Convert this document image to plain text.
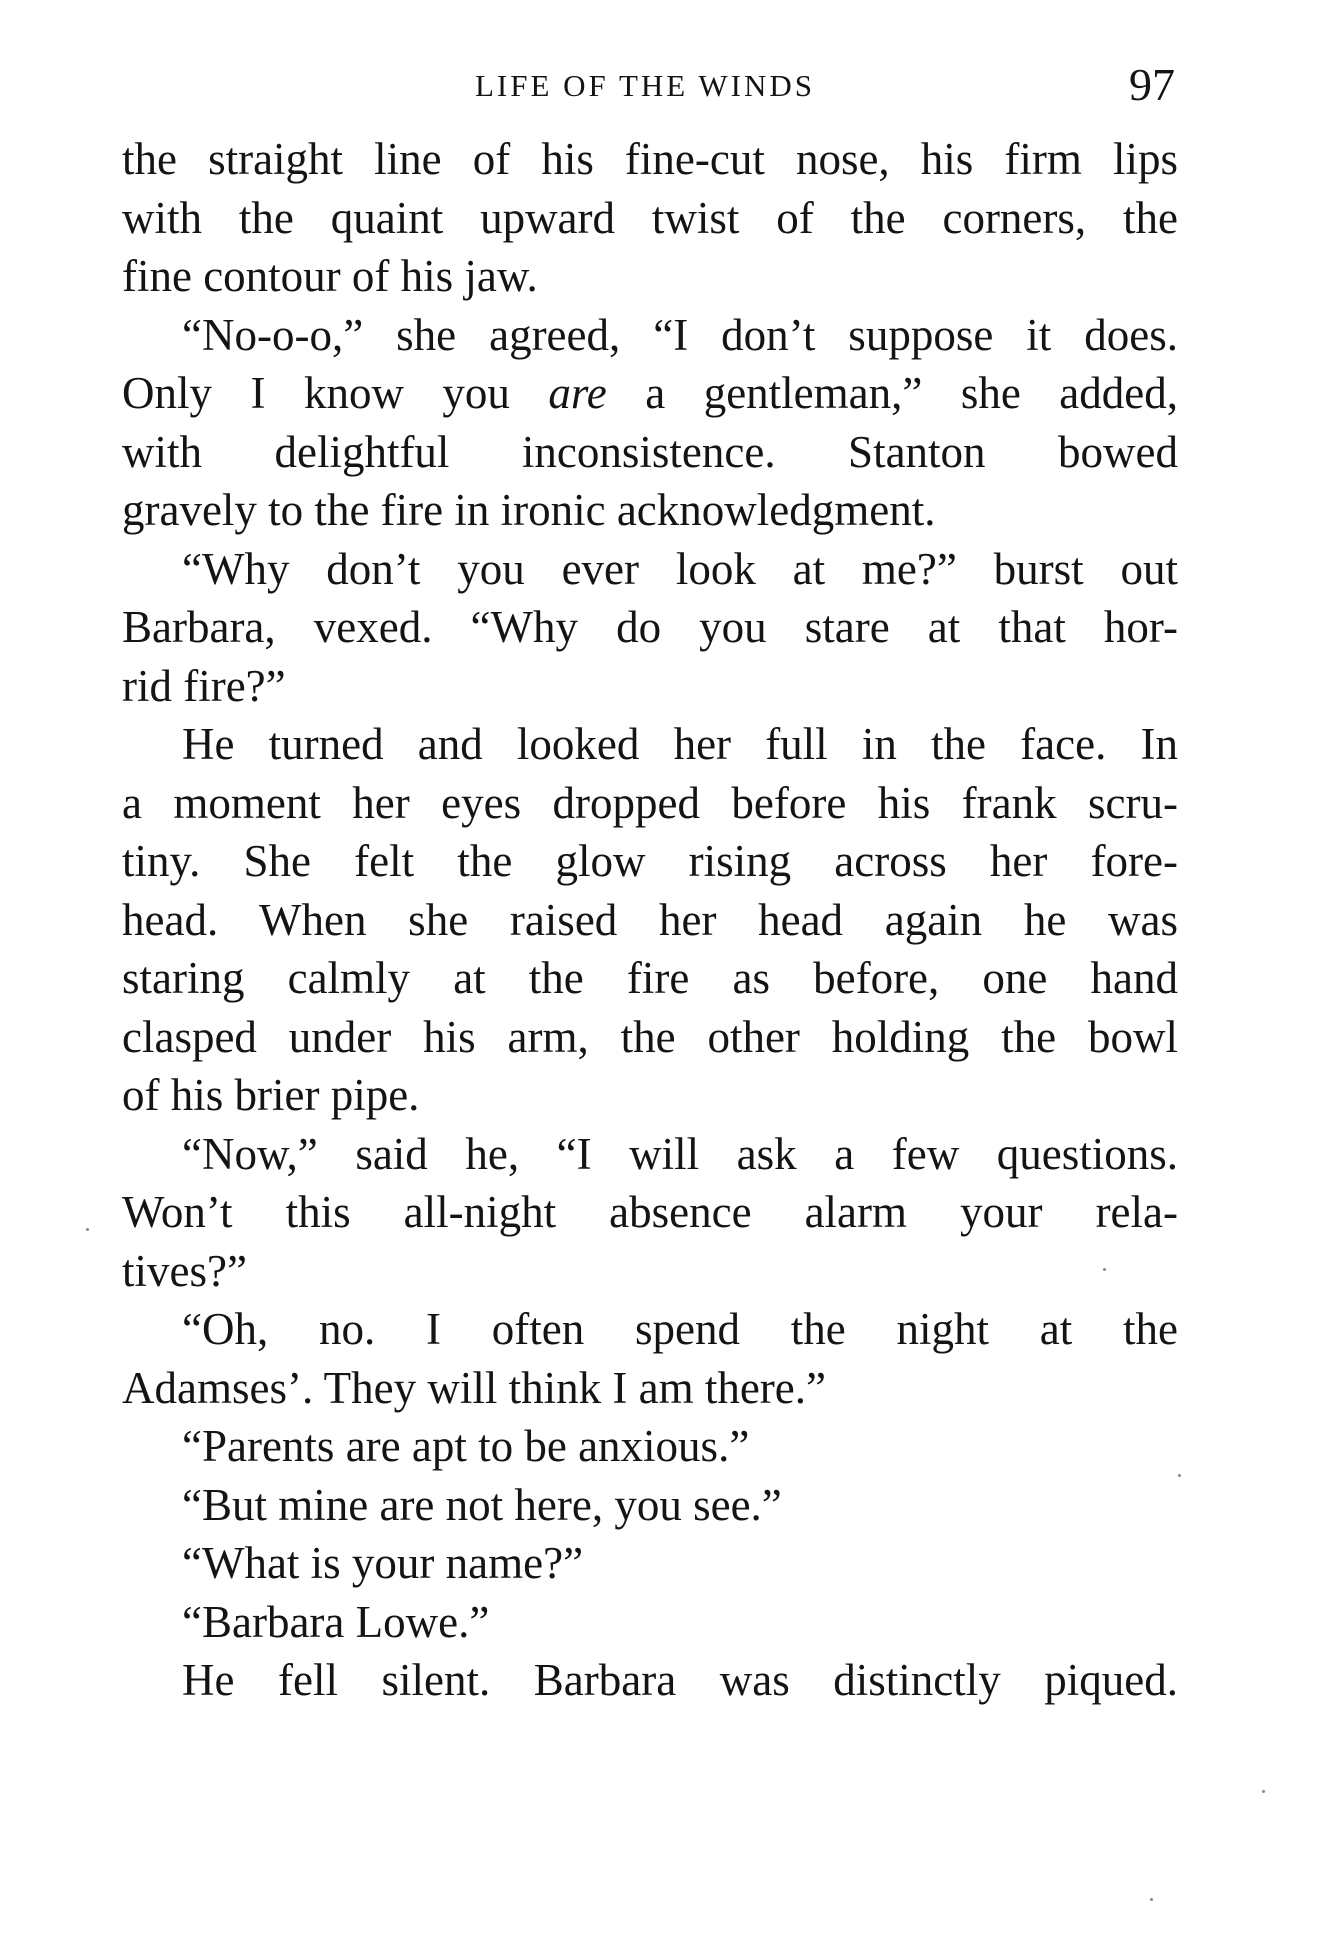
LIFE OF THE WINDS	97
the straight line of his fine-cut nose, his firm lips
with the quaint upward twist of the corners, the
fine contour of his jaw.
“No-o-o,” she agreed, “I don’t suppose it does.
Only I know you are a gentleman,” she added,
with delightful inconsistence. Stanton bowed
gravely to the fire in ironic acknowledgment.
“Why don’t you ever look at me?” burst out
Barbara, vexed. “Why do you stare at that hor-
rid fire?”
He turned and looked her full in the face. In
a moment her eyes dropped before his frank scru-
tiny. She felt the glow rising across her fore-
head. When she raised her head again he was
staring calmly at the fire as before, one hand
clasped under his arm, the other holding the bowl
of his brier pipe.
“Now,” said he, “I will ask a few questions.
Won’t this all-night absence alarm your rela-
tives?”
“Oh, no. I often spend the night at the
Adamses’. They will think I am there.”
“Parents are apt to be anxious.”
“But mine are not here, you see.”
“What is your name?”
“Barbara Lowe.”
He fell silent. Barbara was distinctly piqued.
